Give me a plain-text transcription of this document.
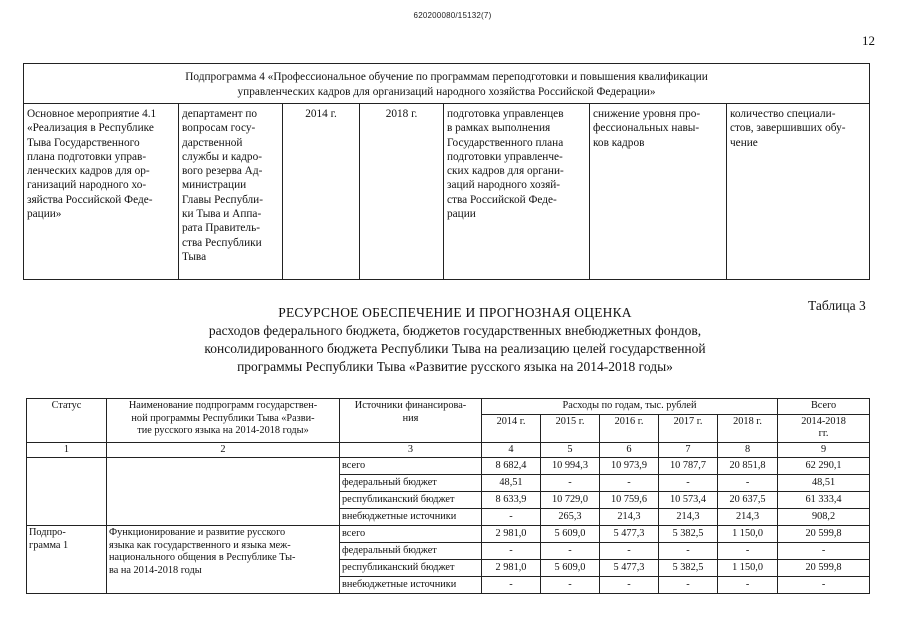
620200080/15132(7)
12
Подпрограмма 4 «Профессиональное обучение по программам переподготовки и повышения квалификации
управленческих кадров для организаций народного хозяйства Российской Федерации»
Основное мероприятие 4.1
«Реализация в Республике
Тыва Государственного
плана подготовки управ-
ленческих кадров для ор-
ганизаций народного хо-
зяйства Российской Феде-
рации»	департамент по
вопросам госу-
дарственной
службы и кадро-
вого резерва Ад-
министрации
Главы Республи-
ки Тыва и Аппа-
рата Правитель-
ства Республики
Тыва	2014 г.	2018 г.	подготовка управленцев
в рамках выполнения
Государственного плана
подготовки управленче-
ских кадров для органи-
заций народного хозяй-
ства Российской Феде-
рации	снижение уровня про-
фессиональных навы-
ков кадров	количество специали-
стов, завершивших обу-
чение
Таблица 3
РЕСУРСНОЕ ОБЕСПЕЧЕНИЕ И ПРОГНОЗНАЯ ОЦЕНКА
расходов федерального бюджета, бюджетов государственных внебюджетных фондов,
консолидированного бюджета Республики Тыва на реализацию целей государственной
программы Республики Тыва «Развитие русского языка на 2014-2018 годы»
Статус	Наименование подпрограмм государствен-
ной программы Республики Тыва «Разви-
тие русского языка на 2014-2018 годы»	Источники финансирова-
ния	Расходы по годам, тыс. рублей					Всего
			2014 г.	2015 г.	2016 г.	2017 г.	2018 г.	2014-2018
гг.
1	2	3	4	5	6	7	8	9
		всего	8 682,4	10 994,3	10 973,9	10 787,7	20 851,8	62 290,1
		федеральный бюджет	48,51	-	-	-	-	48,51
		республиканский бюджет	8 633,9	10 729,0	10 759,6	10 573,4	20 637,5	61 333,4
		внебюджетные источники	-	265,3	214,3	214,3	214,3	908,2
Подпро-
грамма 1	Функционирование и развитие русского
языка как государственного и языка меж-
национального общения в Республике Ты-
ва на 2014-2018 годы	всего	2 981,0	5 609,0	5 477,3	5 382,5	1 150,0	20 599,8
		федеральный бюджет	-	-	-	-	-	-
		республиканский бюджет	2 981,0	5 609,0	5 477,3	5 382,5	1 150,0	20 599,8
		внебюджетные источники	-	-	-	-	-	-
